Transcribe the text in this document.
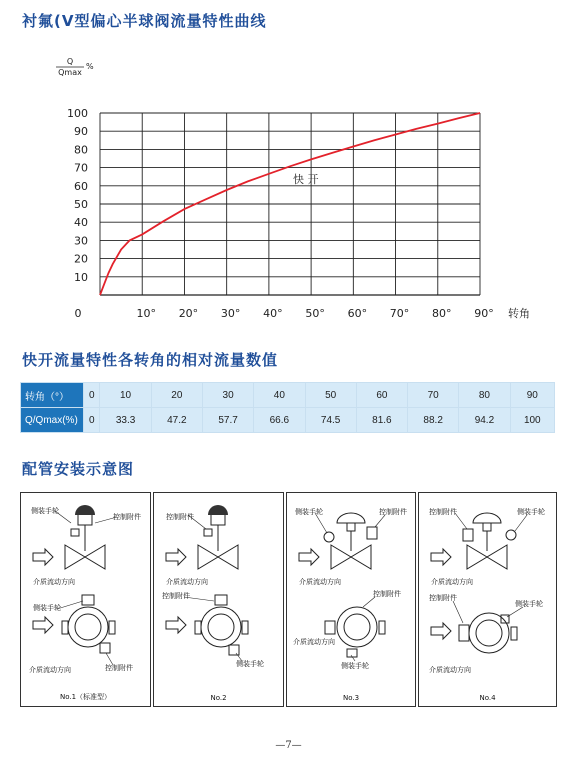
衬氟(V型偏心半球阀流量特性曲线
Q
Qmax
%
10
20
30
40
50
60
70
80
90
100
0	10° 20° 30° 40° 50° 60° 70° 80° 90°
快 开
转角
快开流量特性各转角的相对流量数值
转角（°）	0	10	20	30	40	50	60	70	80	90
Q/Qmax(%)	0	33.3	47.2	57.7	66.6	74.5	81.6	88.2	94.2	100
配管安装示意图
侧装手轮
控制附件
介质流动方向
侧装手轮
介质流动方向	控制附件
No.1（标准型）
控制附件
介质流动方向
控制附件
侧装手轮
No.2
侧装手轮	控制附件
介质流动方向
控制附件
介质流动方向
侧装手轮
No.3
控制附件	侧装手轮
介质流动方向
控制附件
侧装手轮
介质流动方向
No.4
—7—
